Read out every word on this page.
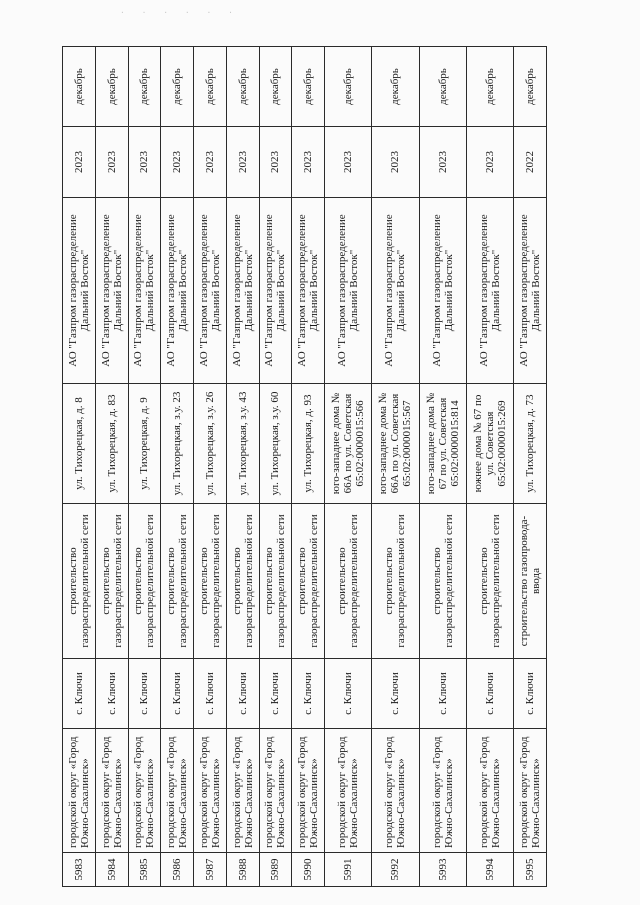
· · · · · ·
5983	городской округ «Город Южно-Сахалинск»	с. Ключи	строительство газораспределительной сети	ул. Тихорецкая, д. 8	АО "Газпром газораспределение Дальний Восток"	2023	декабрь
5984	городской округ «Город Южно-Сахалинск»	с. Ключи	строительство газораспределительной сети	ул. Тихорецкая, д. 83	АО "Газпром газораспределение Дальний Восток"	2023	декабрь
5985	городской округ «Город Южно-Сахалинск»	с. Ключи	строительство газораспределительной сети	ул. Тихорецкая, д. 9	АО "Газпром газораспределение Дальний Восток"	2023	декабрь
5986	городской округ «Город Южно-Сахалинск»	с. Ключи	строительство газораспределительной сети	ул. Тихорецкая, з.у. 23	АО "Газпром газораспределение Дальний Восток"	2023	декабрь
5987	городской округ «Город Южно-Сахалинск»	с. Ключи	строительство газораспределительной сети	ул. Тихорецкая, з.у. 26	АО "Газпром газораспределение Дальний Восток"	2023	декабрь
5988	городской округ «Город Южно-Сахалинск»	с. Ключи	строительство газораспределительной сети	ул. Тихорецкая, з.у. 43	АО "Газпром газораспределение Дальний Восток"	2023	декабрь
5989	городской округ «Город Южно-Сахалинск»	с. Ключи	строительство газораспределительной сети	ул. Тихорецкая, з.у. 60	АО "Газпром газораспределение Дальний Восток"	2023	декабрь
5990	городской округ «Город Южно-Сахалинск»	с. Ключи	строительство газораспределительной сети	ул. Тихорецкая, д. 93	АО "Газпром газораспределение Дальний Восток"	2023	декабрь
5991	городской округ «Город Южно-Сахалинск»	с. Ключи	строительство газораспределительной сети	юго-западнее дома № 66А по ул. Советская 65:02:0000015:566	АО "Газпром газораспределение Дальний Восток"	2023	декабрь
5992	городской округ «Город Южно-Сахалинск»	с. Ключи	строительство газораспределительной сети	юго-западнее дома № 66А по ул. Советская 65:02:0000015:567	АО "Газпром газораспределение Дальний Восток"	2023	декабрь
5993	городской округ «Город Южно-Сахалинск»	с. Ключи	строительство газораспределительной сети	юго-западнее дома № 67 по ул. Советская 65:02:0000015:814	АО "Газпром газораспределение Дальний Восток"	2023	декабрь
5994	городской округ «Город Южно-Сахалинск»	с. Ключи	строительство газораспределительной сети	южнее дома № 67 по ул. Советская 65:02:0000015:269	АО "Газпром газораспределение Дальний Восток"	2023	декабрь
5995	городской округ «Город Южно-Сахалинск»	с. Ключи	строительство газопровода-ввода	ул. Тихорецкая, д. 73	АО "Газпром газораспределение Дальний Восток"	2022	декабрь
